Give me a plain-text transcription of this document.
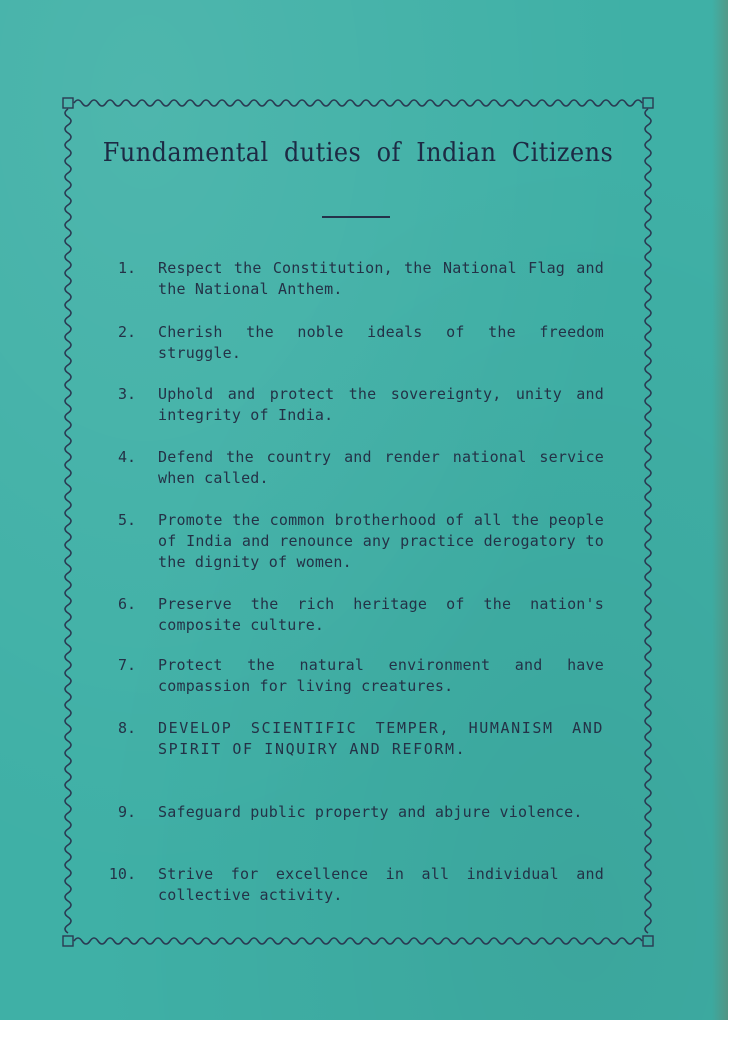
Fundamental duties of Indian Citizens
1. Respect the Constitution, the National Flag and the National Anthem.
2. Cherish the noble ideals of the freedom struggle.
3. Uphold and protect the sovereignty, unity and integrity of India.
4. Defend the country and render national service when called.
5. Promote the common brotherhood of all the people of India and renounce any practice derogatory to the dignity of women.
6. Preserve the rich heritage of the nation's composite culture.
7. Protect the natural environment and have compassion for living creatures.
8. DEVELOP SCIENTIFIC TEMPER, HUMANISM AND SPIRIT OF INQUIRY AND REFORM.
9. Safeguard public property and abjure violence.
10. Strive for excellence in all individual and collective activity.
